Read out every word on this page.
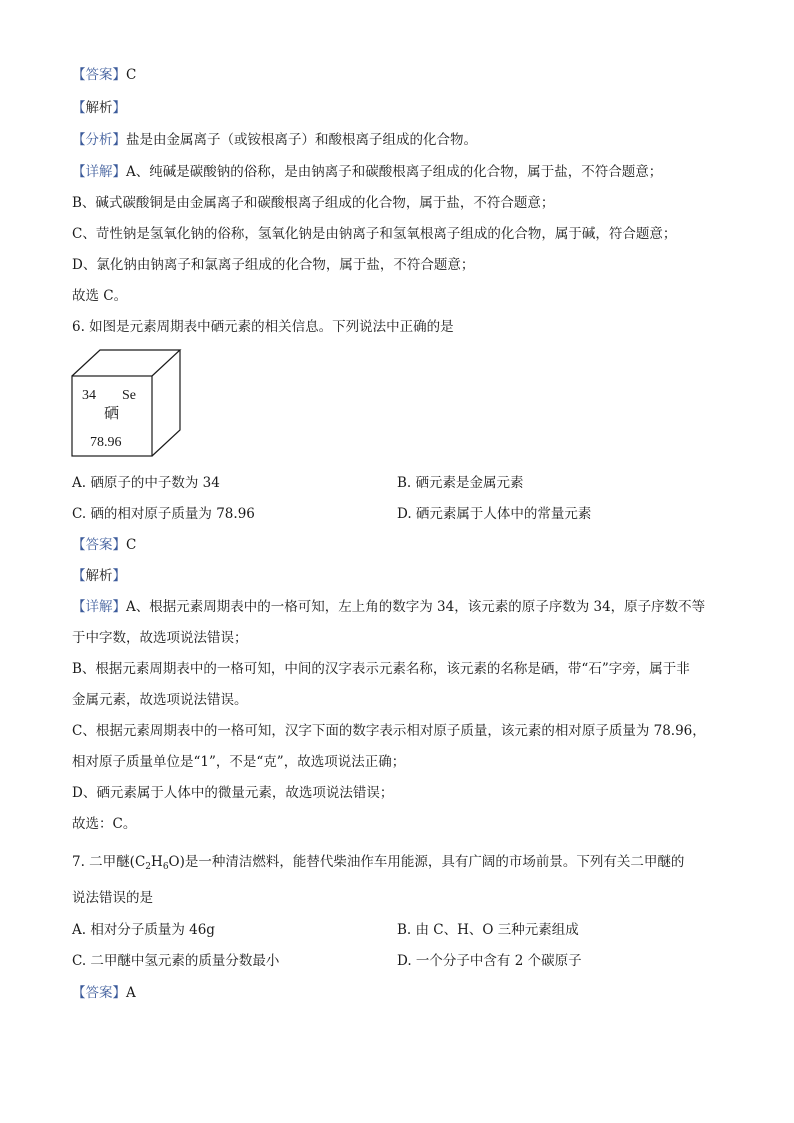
【答案】C
【解析】
【分析】盐是由金属离子（或铵根离子）和酸根离子组成的化合物。
【详解】A、纯碱是碳酸钠的俗称，是由钠离子和碳酸根离子组成的化合物，属于盐，不符合题意；
B、碱式碳酸铜是由金属离子和碳酸根离子组成的化合物，属于盐，不符合题意；
C、苛性钠是氢氧化钠的俗称，氢氧化钠是由钠离子和氢氧根离子组成的化合物，属于碱，符合题意；
D、氯化钠由钠离子和氯离子组成的化合物，属于盐，不符合题意；
故选 C。
6. 如图是元素周期表中硒元素的相关信息。下列说法中正确的是
34 Se
硒
78.96
A. 硒原子的中子数为 34	B. 硒元素是金属元素
C. 硒的相对原子质量为 78.96	D. 硒元素属于人体中的常量元素
【答案】C
【解析】
【详解】A、根据元素周期表中的一格可知，左上角的数字为 34，该元素的原子序数为 34，原子序数不等
于中字数，故选项说法错误；
B、根据元素周期表中的一格可知，中间的汉字表示元素名称，该元素的名称是硒，带“石”字旁，属于非
金属元素，故选项说法错误。
C、根据元素周期表中的一格可知，汉字下面的数字表示相对原子质量，该元素的相对原子质量为 78.96，
相对原子质量单位是“1”，不是“克”，故选项说法正确；
D、硒元素属于人体中的微量元素，故选项说法错误；
故选：C。
7. 二甲醚$(C_2H_6O)$是一种清洁燃料，能替代柴油作车用能源，具有广阔的市场前景。下列有关二甲醚的
说法错误的是
A. 相对分子质量为 46g	B. 由 C、H、O 三种元素组成
C. 二甲醚中氢元素的质量分数最小	D. 一个分子中含有 2 个碳原子
【答案】A
